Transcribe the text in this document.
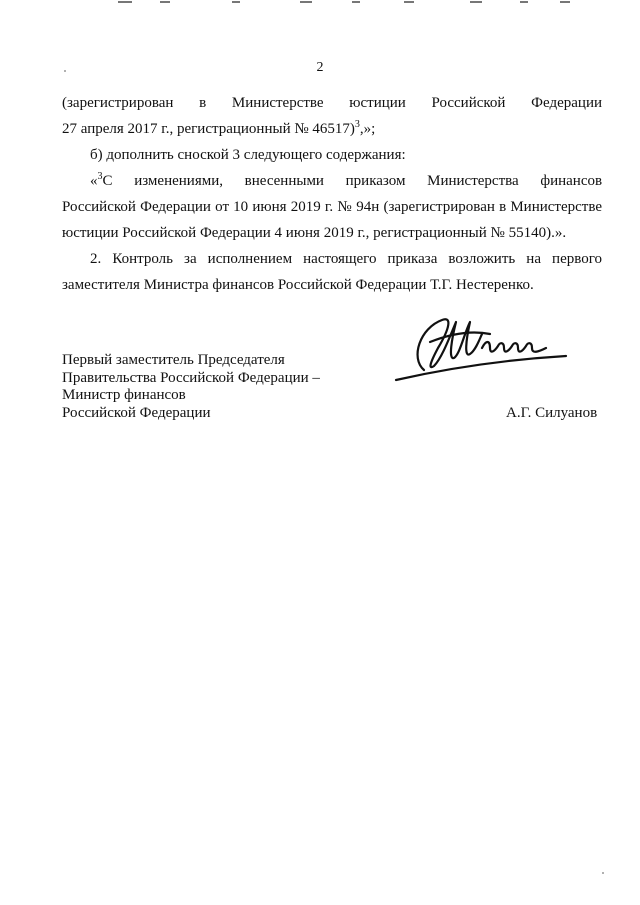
2
(зарегистрирован в Министерстве юстиции Российской Федерации
27 апреля 2017 г., регистрационный № 46517)$^3$,»;
б) дополнить сноской 3 следующего содержания:
«$^3$С изменениями, внесенными приказом Министерства финансов
Российской Федерации от 10 июня 2019 г. № 94н (зарегистрирован в Министерстве
юстиции Российской Федерации 4 июня 2019 г., регистрационный № 55140).».
2. Контроль за исполнением настоящего приказа возложить на первого
заместителя Министра финансов Российской Федерации Т.Г. Нестеренко.
Первый заместитель Председателя
Правительства Российской Федерации –
Министр финансов
Российской Федерации	А.Г. Силуанов
